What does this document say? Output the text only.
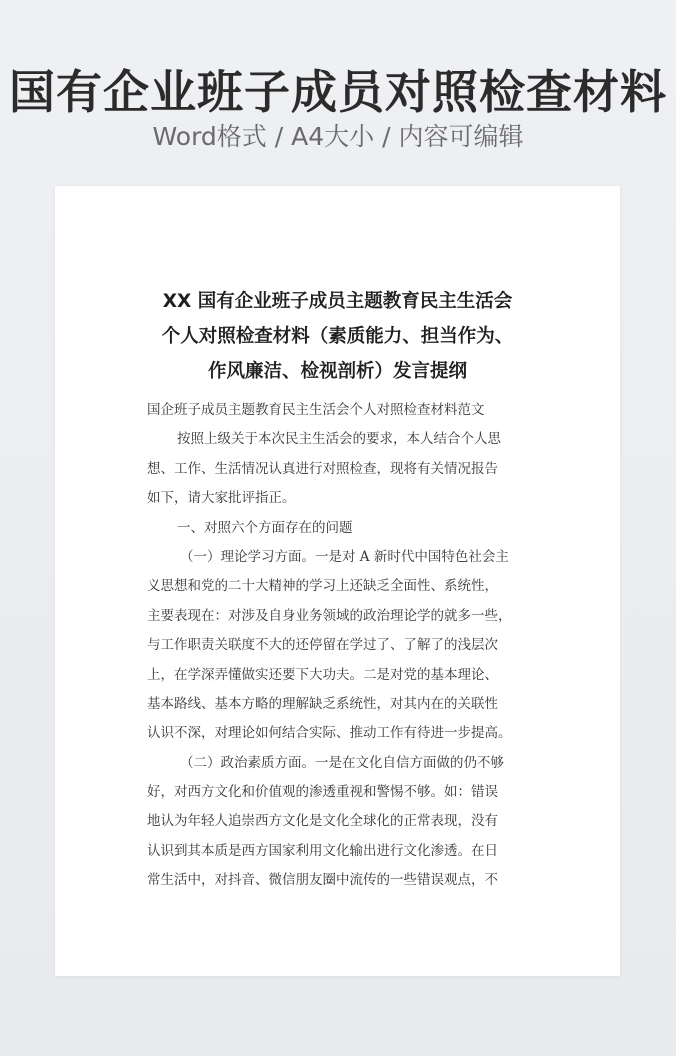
国有企业班子成员对照检查材料
Word格式 / A4大小 / 内容可编辑
XX 国有企业班子成员主题教育民主生活会
个人对照检查材料（素质能力、担当作为、
作风廉洁、检视剖析）发言提纲
国企班子成员主题教育民主生活会个人对照检查材料范文
按照上级关于本次民主生活会的要求，本人结合个人思
想、工作、生活情况认真进行对照检查，现将有关情况报告
如下，请大家批评指正。
一、对照六个方面存在的问题
（一）理论学习方面。一是对 A 新时代中国特色社会主
义思想和党的二十大精神的学习上还缺乏全面性、系统性，
主要表现在：对涉及自身业务领域的政治理论学的就多一些，
与工作职责关联度不大的还停留在学过了、了解了的浅层次
上，在学深弄懂做实还要下大功夫。二是对党的基本理论、
基本路线、基本方略的理解缺乏系统性，对其内在的关联性
认识不深，对理论如何结合实际、推动工作有待进一步提高。
（二）政治素质方面。一是在文化自信方面做的仍不够
好，对西方文化和价值观的渗透重视和警惕不够。如：错误
地认为年轻人追崇西方文化是文化全球化的正常表现，没有
认识到其本质是西方国家利用文化输出进行文化渗透。在日
常生活中，对抖音、微信朋友圈中流传的一些错误观点，不
